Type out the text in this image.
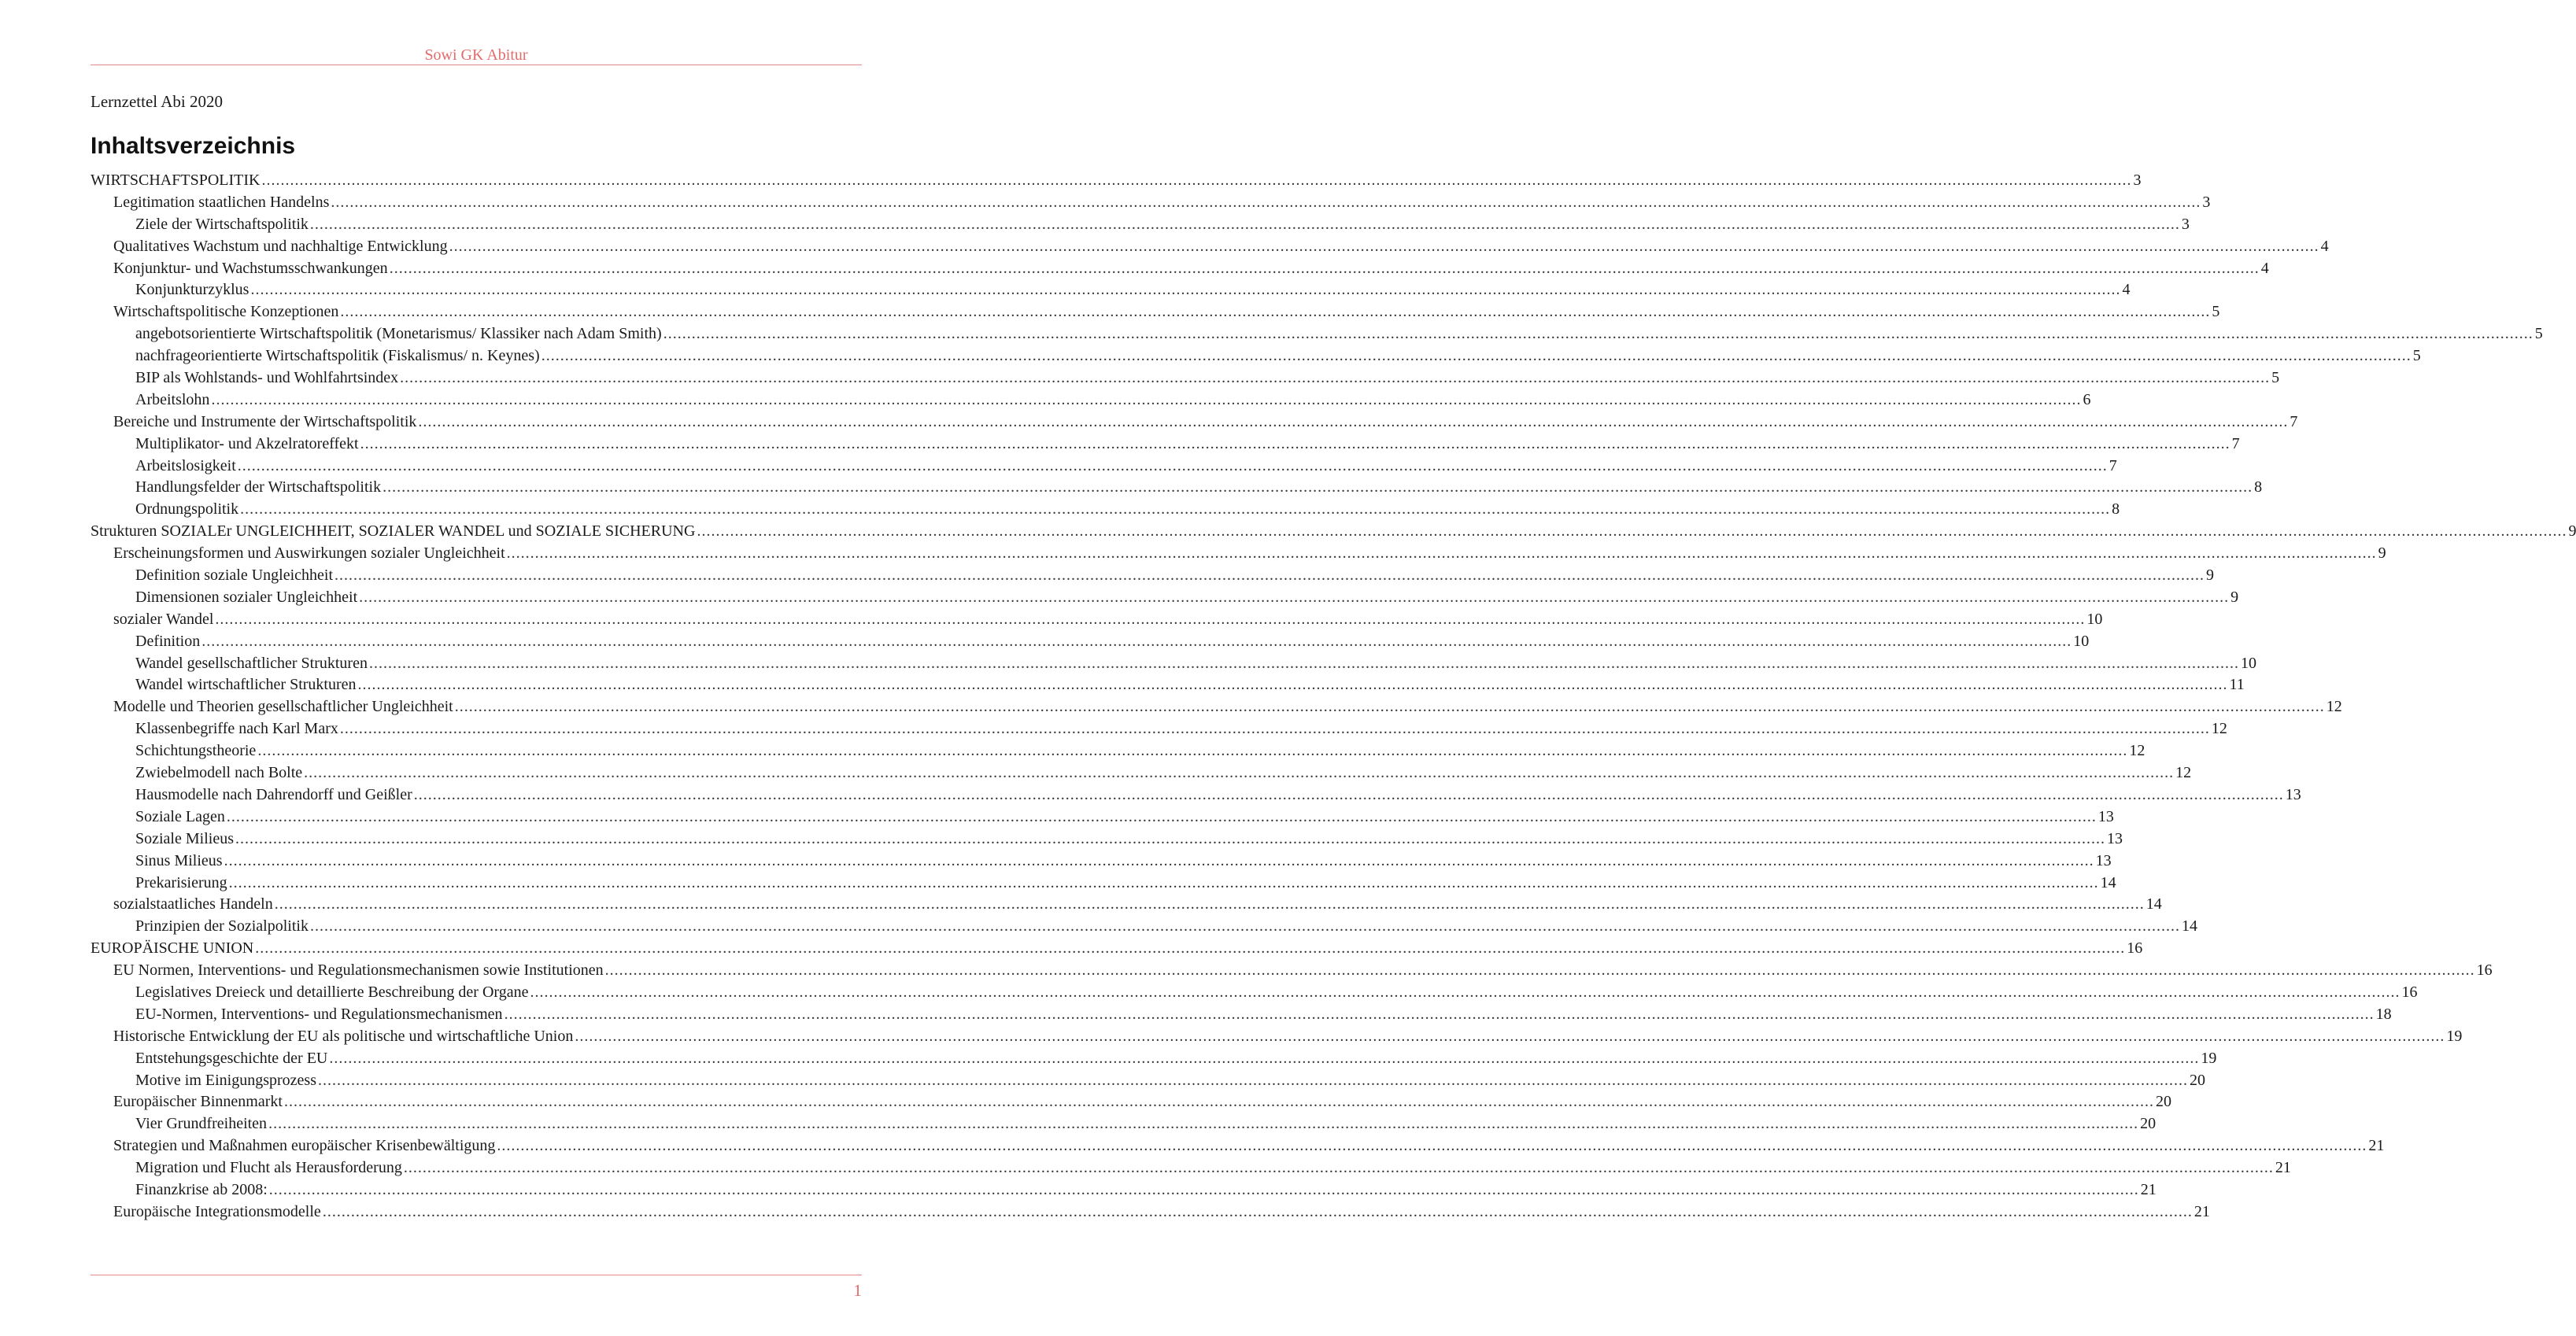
Sowi GK Abitur
Lernzettel Abi 2020
Inhaltsverzeichnis
WIRTSCHAFTSPOLITIK .....	3
Legitimation staatlichen Handelns .....	3
Ziele der Wirtschaftspolitik .....	3
Qualitatives Wachstum und nachhaltige Entwicklung .....	4
Konjunktur- und Wachstumsschwankungen .....	4
Konjunkturzyklus .....	4
Wirtschaftspolitische Konzeptionen .....	5
angebotsorientierte Wirtschaftspolitik (Monetarismus/ Klassiker nach Adam Smith) .....	5
nachfrageorientierte Wirtschaftspolitik (Fiskalismus/ n. Keynes) .....	5
BIP als Wohlstands- und Wohlfahrtsindex .....	5
Arbeitslohn .....	6
Bereiche und Instrumente der Wirtschaftspolitik .....	7
Multiplikator- und Akzelratoreffekt .....	7
Arbeitslosigkeit .....	7
Handlungsfelder der Wirtschaftspolitik .....	8
Ordnungspolitik .....	8
Strukturen SOZIALEr UNGLEICHHEIT, SOZIALER WANDEL und SOZIALE SICHERUNG .....	9
Erscheinungsformen und Auswirkungen sozialer Ungleichheit .....	9
Definition soziale Ungleichheit .....	9
Dimensionen sozialer Ungleichheit .....	9
sozialer Wandel .....	10
Definition .....	10
Wandel gesellschaftlicher Strukturen .....	10
Wandel wirtschaftlicher Strukturen .....	11
Modelle und Theorien gesellschaftlicher Ungleichheit .....	12
Klassenbegriffe nach Karl Marx .....	12
Schichtungstheorie .....	12
Zwiebelmodell nach Bolte .....	12
Hausmodelle nach Dahrendorff und Geißler .....	13
Soziale Lagen .....	13
Soziale Milieus .....	13
Sinus Milieus .....	13
Prekarisierung .....	14
sozialstaatliches Handeln .....	14
Prinzipien der Sozialpolitik .....	14
EUROPÄISCHE UNION .....	16
EU Normen, Interventions- und Regulationsmechanismen sowie Institutionen .....	16
Legislatives Dreieck und detaillierte Beschreibung der Organe .....	16
EU-Normen, Interventions- und Regulationsmechanismen .....	18
Historische Entwicklung der EU als politische und wirtschaftliche Union .....	19
Entstehungsgeschichte der EU .....	19
Motive im Einigungsprozess .....	20
Europäischer Binnenmarkt .....	20
Vier Grundfreiheiten .....	20
Strategien und Maßnahmen europäischer Krisenbewältigung .....	21
Migration und Flucht als Herausforderung .....	21
Finanzkrise ab 2008: .....	21
Europäische Integrationsmodelle .....	21
1
